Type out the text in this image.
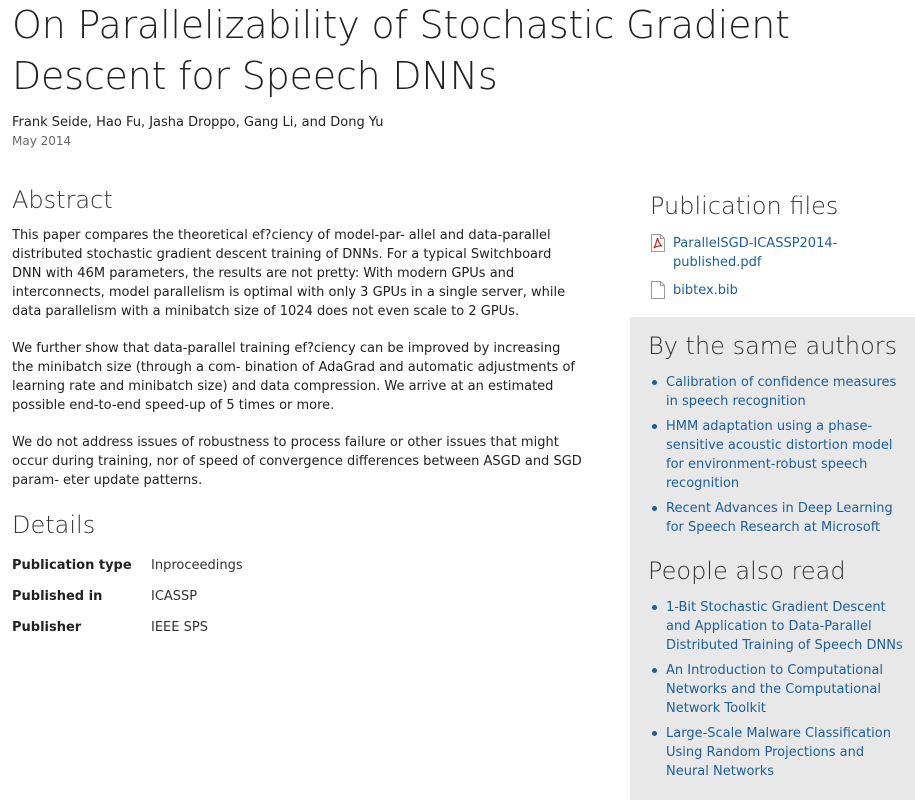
On Parallelizability of Stochastic Gradient Descent for Speech DNNs
Frank Seide, Hao Fu, Jasha Droppo, Gang Li, and Dong Yu
May 2014
Abstract

This paper compares the theoretical ef?ciency of model-par- allel and data-parallel distributed stochastic gradient descent training of DNNs. For a typical Switchboard DNN with 46M parameters, the results are not pretty: With modern GPUs and interconnects, model parallelism is optimal with only 3 GPUs in a single server, while data parallelism with a minibatch size of 1024 does not even scale to 2 GPUs.

We further show that data-parallel training ef?ciency can be improved by increasing the minibatch size (through a com- bination of AdaGrad and automatic adjustments of learning rate and minibatch size) and data compression. We arrive at an estimated possible end-to-end speed-up of 5 times or more.

We do not address issues of robustness to process failure or other issues that might occur during training, nor of speed of convergence differences between ASGD and SGD param- eter update patterns.

Details
Publication type	Inproceedings
Published in	ICASSP
Publisher	IEEE SPS
Publication files
ParallelSGD-ICASSP2014-published.pdf
bibtex.bib
By the same authors
Calibration of confidence measures in speech recognition
HMM adaptation using a phase-sensitive acoustic distortion model for environment-robust speech recognition
Recent Advances in Deep Learning for Speech Research at Microsoft
People also read
1-Bit Stochastic Gradient Descent and Application to Data-Parallel Distributed Training of Speech DNNs
An Introduction to Computational Networks and the Computational Network Toolkit
Large-Scale Malware Classification Using Random Projections and Neural Networks
